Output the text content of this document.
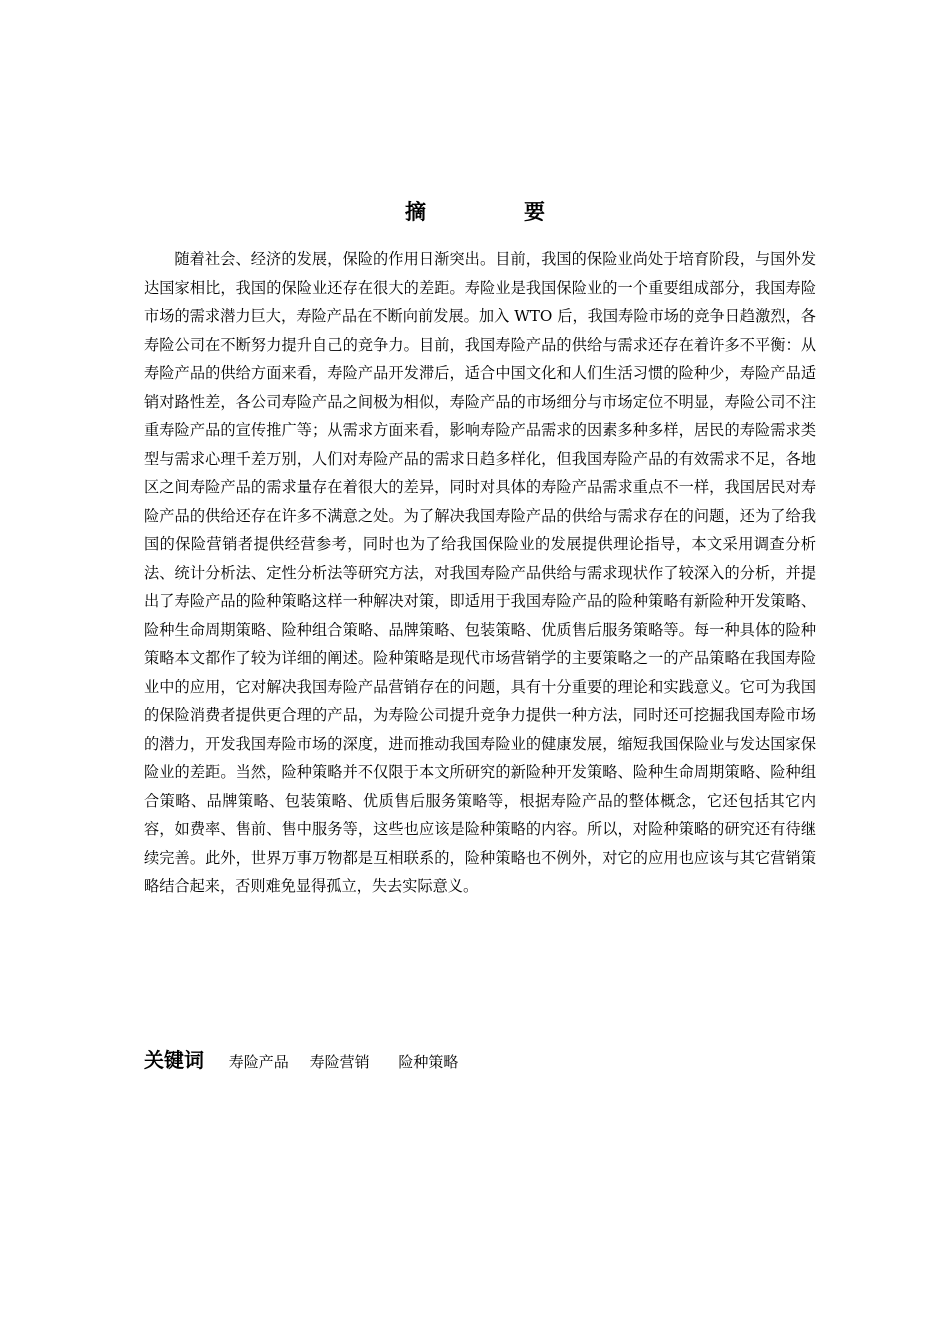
摘	要

随着社会、经济的发展，保险的作用日渐突出。目前，我国的保险业尚处于培育阶段，与国外发达国家相比，我国的保险业还存在很大的差距。寿险业是我国保险业的一个重要组成部分，我国寿险市场的需求潜力巨大，寿险产品在不断向前发展。加入 WTO 后，我国寿险市场的竞争日趋激烈，各寿险公司在不断努力提升自己的竞争力。目前，我国寿险产品的供给与需求还存在着许多不平衡：从寿险产品的供给方面来看，寿险产品开发滞后，适合中国文化和人们生活习惯的险种少，寿险产品适销对路性差，各公司寿险产品之间极为相似，寿险产品的市场细分与市场定位不明显，寿险公司不注重寿险产品的宣传推广等；从需求方面来看，影响寿险产品需求的因素多种多样，居民的寿险需求类型与需求心理千差万别，人们对寿险产品的需求日趋多样化，但我国寿险产品的有效需求不足，各地区之间寿险产品的需求量存在着很大的差异，同时对具体的寿险产品需求重点不一样，我国居民对寿险产品的供给还存在许多不满意之处。为了解决我国寿险产品的供给与需求存在的问题，还为了给我国的保险营销者提供经营参考，同时也为了给我国保险业的发展提供理论指导，本文采用调查分析法、统计分析法、定性分析法等研究方法，对我国寿险产品供给与需求现状作了较深入的分析，并提出了寿险产品的险种策略这样一种解决对策，即适用于我国寿险产品的险种策略有新险种开发策略、险种生命周期策略、险种组合策略、品牌策略、包装策略、优质售后服务策略等。每一种具体的险种策略本文都作了较为详细的阐述。险种策略是现代市场营销学的主要策略之一的产品策略在我国寿险业中的应用，它对解决我国寿险产品营销存在的问题，具有十分重要的理论和实践意义。它可为我国的保险消费者提供更合理的产品，为寿险公司提升竞争力提供一种方法，同时还可挖掘我国寿险市场的潜力，开发我国寿险市场的深度，进而推动我国寿险业的健康发展，缩短我国保险业与发达国家保险业的差距。当然，险种策略并不仅限于本文所研究的新险种开发策略、险种生命周期策略、险种组合策略、品牌策略、包装策略、优质售后服务策略等，根据寿险产品的整体概念，它还包括其它内容，如费率、售前、售中服务等，这些也应该是险种策略的内容。所以，对险种策略的研究还有待继续完善。此外，世界万事万物都是互相联系的，险种策略也不例外，对它的应用也应该与其它营销策略结合起来，否则难免显得孤立，失去实际意义。

关键词 寿险产品 寿险营销 险种策略
